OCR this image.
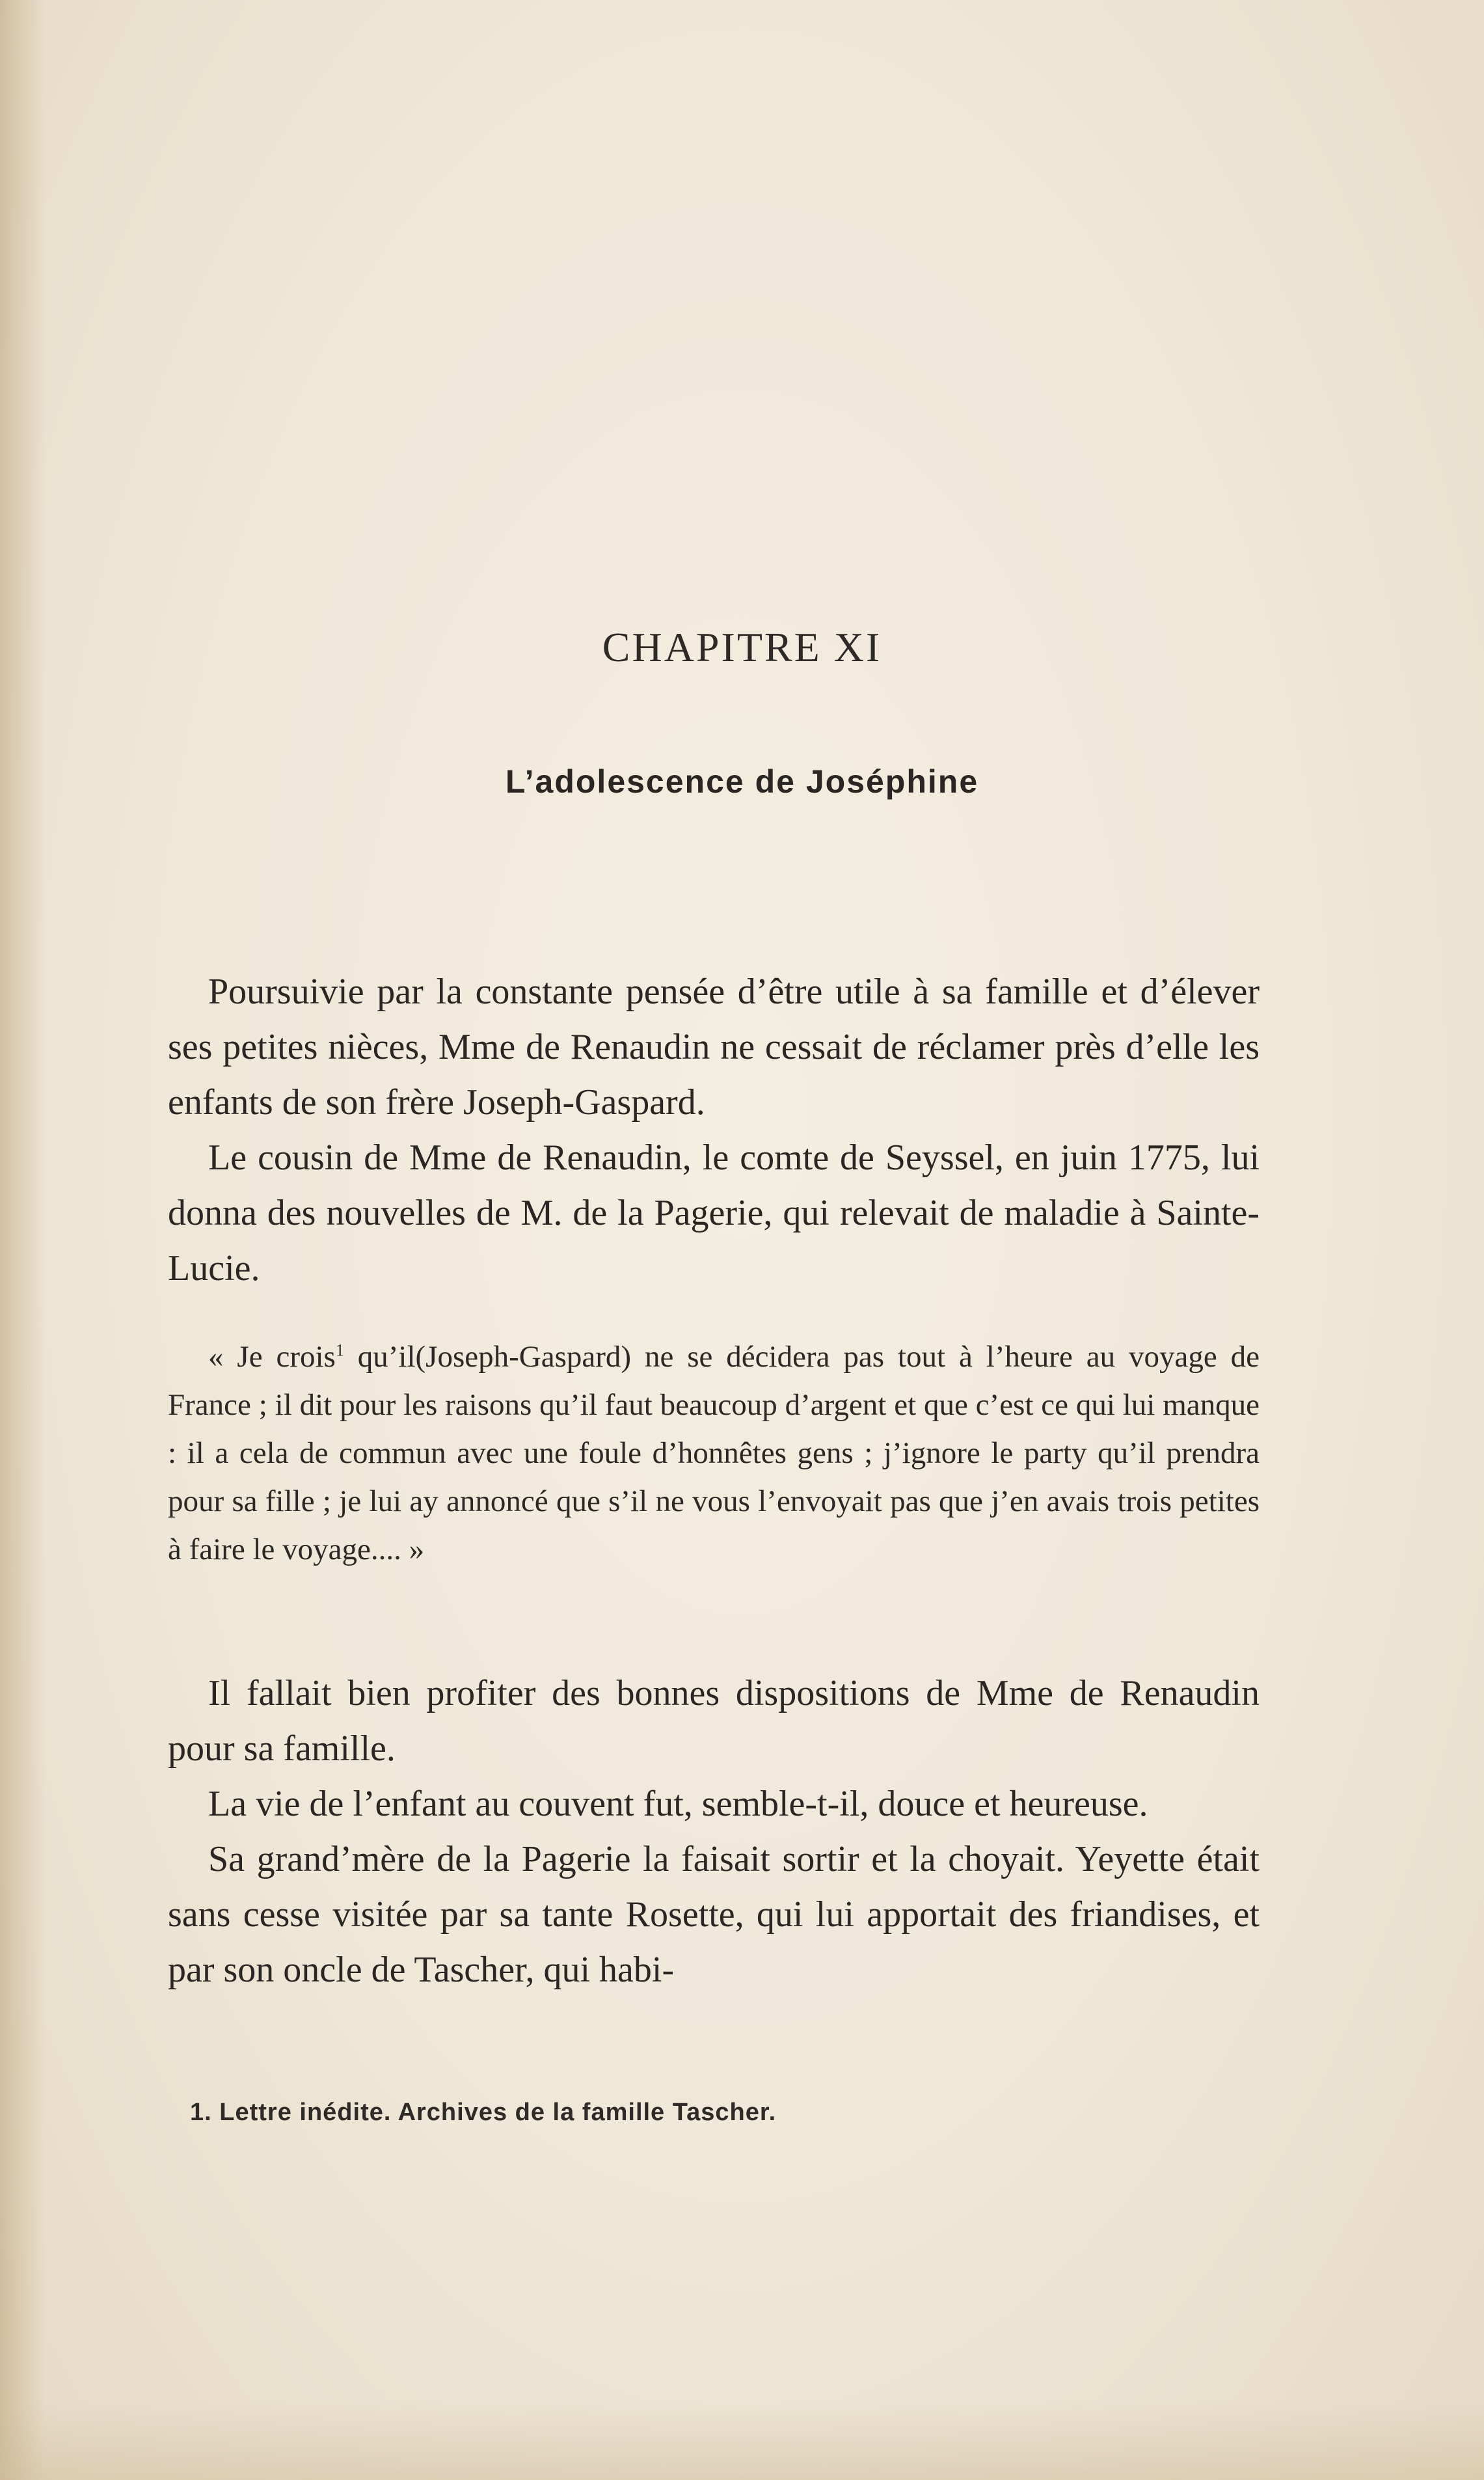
CHAPITRE XI
L’adolescence de Joséphine

Poursuivie par la constante pensée d’être utile à sa famille et d’élever ses petites nièces, Mme de Renaudin ne cessait de réclamer près d’elle les enfants de son frère Joseph-Gaspard.

Le cousin de Mme de Renaudin, le comte de Seyssel, en juin 1775, lui donna des nouvelles de M. de la Pagerie, qui relevait de maladie à Sainte-Lucie.

« Je crois$^1$ qu’il(Joseph-Gaspard) ne se décidera pas tout à l’heure au voyage de France ; il dit pour les raisons qu’il faut beaucoup d’argent et que c’est ce qui lui manque : il a cela de commun avec une foule d’honnêtes gens ; j’ignore le party qu’il prendra pour sa fille ; je lui ay annoncé que s’il ne vous l’envoyait pas que j’en avais trois petites à faire le voyage.... »

Il fallait bien profiter des bonnes dispositions de Mme de Renaudin pour sa famille.

La vie de l’enfant au couvent fut, semble-t-il, douce et heureuse.

Sa grand’mère de la Pagerie la faisait sortir et la choyait. Yeyette était sans cesse visitée par sa tante Rosette, qui lui apportait des friandises, et par son oncle de Tascher, qui habi-

1. Lettre inédite. Archives de la famille Tascher.
